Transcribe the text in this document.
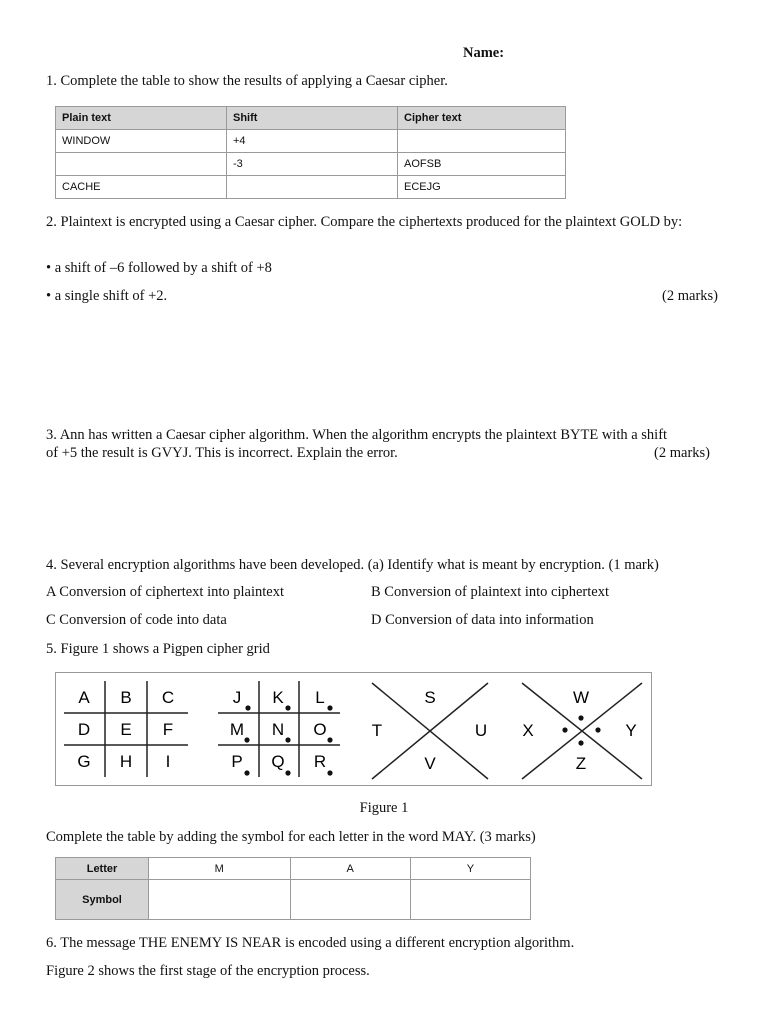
Name:
1. Complete the table to show the results of applying a Caesar cipher.
Plain text	Shift	Cipher text
WINDOW	+4	
	-3	AOFSB
CACHE		ECEJG
2. Plaintext is encrypted using a Caesar cipher. Compare the ciphertexts produced for the plaintext GOLD by:
• a shift of –6 followed by a shift of +8
• a single shift of +2.	(2 marks)
3. Ann has written a Caesar cipher algorithm. When the algorithm encrypts the plaintext BYTE with a shift
of +5 the result is GVYJ. This is incorrect. Explain the error.	(2 marks)
4. Several encryption algorithms have been developed. (a) Identify what is meant by encryption. (1 mark)
A Conversion of ciphertext into plaintext	B Conversion of plaintext into ciphertext
C Conversion of code into data	D Conversion of data into information
5. Figure 1 shows a Pigpen cipher grid
A B C
D E F
G H I
J K L
M N O
P Q R
S
T	U
V
W
X	Y
Z
Figure 1
Complete the table by adding the symbol for each letter in the word MAY. (3 marks)
Letter	M	A	Y
Symbol			
6. The message THE ENEMY IS NEAR is encoded using a different encryption algorithm.
Figure 2 shows the first stage of the encryption process.
